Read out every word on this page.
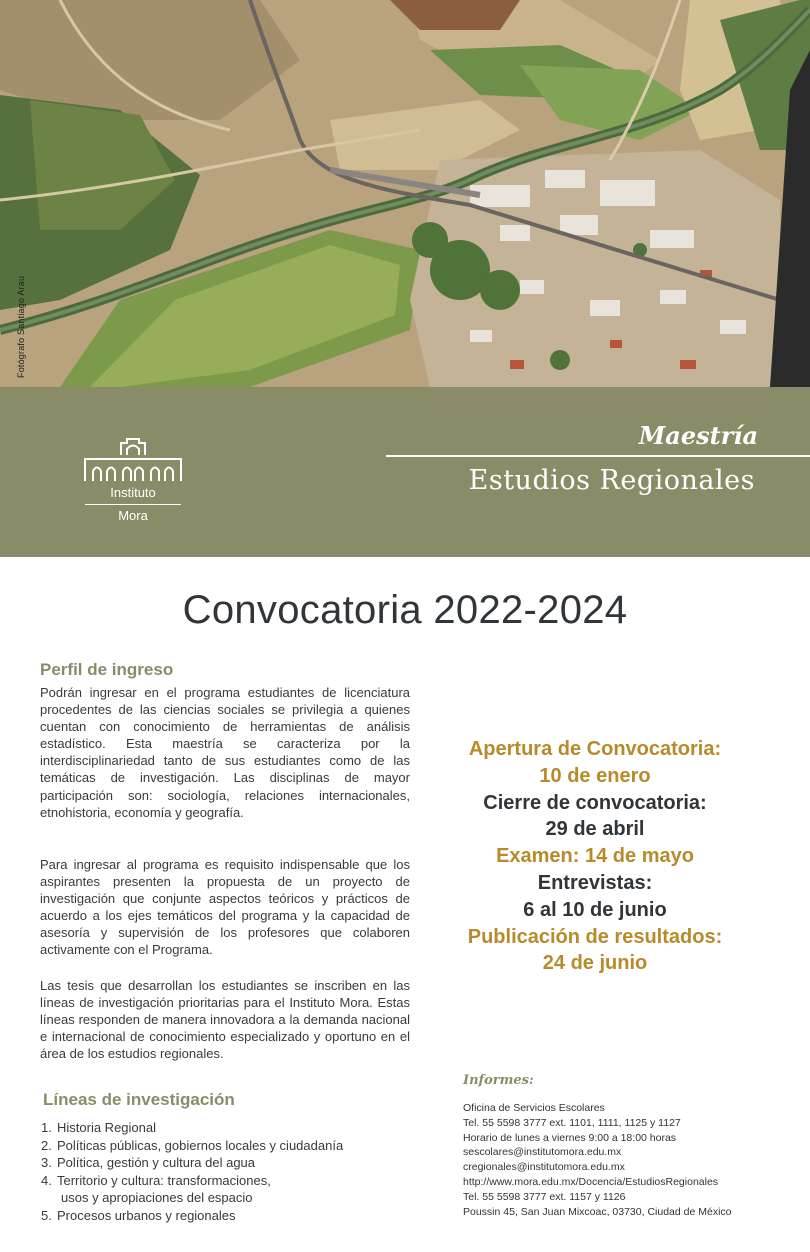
Fotógrafo Santiago Arau
Instituto
Mora
Maestría
Estudios Regionales
Convocatoria 2022-2024
Perfil de ingreso

Podrán ingresar en el programa estudiantes de licenciatura procedentes de las ciencias sociales se privilegia a quienes cuentan con conocimiento de herramientas de análisis estadístico. Esta maestría se caracteriza por la interdisciplinariedad tanto de sus estudiantes como de las temáticas de investigación. Las disciplinas de mayor participación son: sociología, relaciones internacionales, etnohistoria, economía y geografía.

Para ingresar al programa es requisito indispensable que los aspirantes presenten la propuesta de un proyecto de investigación que conjunte aspectos teóricos y prácticos de acuerdo a los ejes temáticos del programa y la capacidad de asesoría y supervisión de los profesores que colaboren activamente con el Programa.

Las tesis que desarrollan los estudiantes se inscriben en las líneas de investigación prioritarias para el Instituto Mora. Estas líneas responden de manera innovadora a la demanda nacional e internacional de conocimiento especializado y oportuno en el área de los estudios regionales.

Líneas de investigación
1. Historia Regional
2. Políticas públicas, gobiernos locales y ciudadanía
3. Política, gestión y cultura del agua
4. Territorio y cultura: transformaciones,
usos y apropiaciones del espacio
5. Procesos urbanos y regionales
Apertura de Convocatoria:
10 de enero
Cierre de convocatoria:
29 de abril
Examen: 14 de mayo
Entrevistas:
6 al 10 de junio
Publicación de resultados:
24 de junio
Informes:
Oficina de Servicios Escolares
Tel. 55 5598 3777 ext. 1101, 1111, 1125 y 1127
Horario de lunes a viernes 9:00 a 18:00 horas
sescolares@institutomora.edu.mx
cregionales@institutomora.edu.mx
http://www.mora.edu.mx/Docencia/EstudiosRegionales
Tel. 55 5598 3777 ext. 1157 y 1126
Poussin 45, San Juan Mixcoac, 03730, Ciudad de México
